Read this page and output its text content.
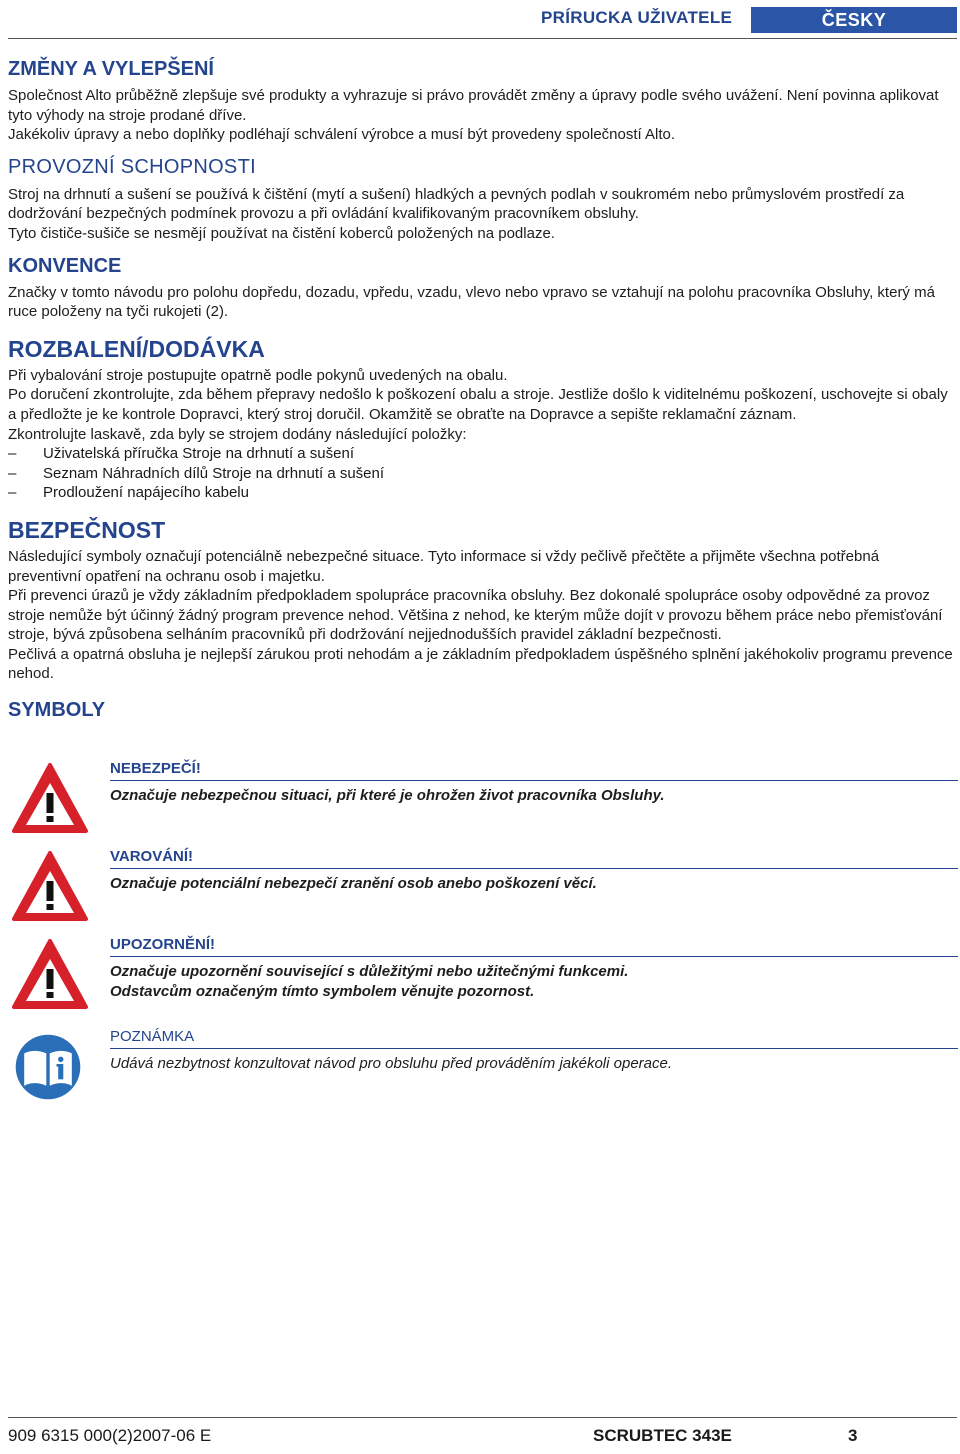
PRÍRUCKA UŽIVATELE	ČESKY
ZMĚNY A VYLEPŠENÍ

Společnost Alto průběžně zlepšuje své produkty a vyhrazuje si právo provádět změny a úpravy podle svého uvážení. Není povinna aplikovat tyto výhody na stroje prodané dříve.

Jakékoliv úpravy a nebo doplňky podléhají schválení výrobce a musí být provedeny společností Alto.

PROVOZNÍ SCHOPNOSTI

Stroj na drhnutí a sušení se používá k čištění (mytí a sušení) hladkých a pevných podlah v soukromém nebo průmyslovém prostředí za dodržování bezpečných podmínek provozu a při ovládání kvalifikovaným pracovníkem obsluhy.

Tyto čističe-sušiče se nesmějí používat na čistění koberců položených na podlaze.

KONVENCE

Značky v tomto návodu pro polohu dopředu, dozadu, vpředu, vzadu, vlevo nebo vpravo se vztahují na polohu pracovníka Obsluhy, který má ruce položeny na tyči rukojeti (2).

ROZBALENÍ/DODÁVKA

Při vybalování stroje postupujte opatrně podle pokynů uvedených na obalu.

Po doručení zkontrolujte, zda během přepravy nedošlo k poškození obalu a stroje. Jestliže došlo k viditelnému poškození, uschovejte si obaly a předložte je ke kontrole Dopravci, který stroj doručil. Okamžitě se obraťte na Dopravce a sepište reklamační záznam.

Zkontrolujte laskavě, zda byly se strojem dodány následující položky:

– Uživatelská příručka Stroje na drhnutí a sušení
– Seznam Náhradních dílů Stroje na drhnutí a sušení
– Prodloužení napájecího kabelu
BEZPEČNOST

Následující symboly označují potenciálně nebezpečné situace. Tyto informace si vždy pečlivě přečtěte a přijměte všechna potřebná preventivní opatření na ochranu osob i majetku.

Při prevenci úrazů je vždy základním předpokladem spolupráce pracovníka obsluhy. Bez dokonalé spolupráce osoby odpovědné za provoz stroje nemůže být účinný žádný program prevence nehod. Většina z nehod, ke kterým může dojít v provozu během práce nebo přemisťování stroje, bývá způsobena selháním pracovníků při dodržování nejjednodušších pravidel základní bezpečnosti.

Pečlivá a opatrná obsluha je nejlepší zárukou proti nehodám a je základním předpokladem úspěšného splnění jakéhokoliv programu prevence nehod.

SYMBOLY
NEBEZPEČÍ!
Označuje nebezpečnou situaci, při které je ohrožen život pracovníka Obsluhy.
VAROVÁNÍ!
Označuje potenciální nebezpečí zranění osob anebo poškození věcí.
UPOZORNĚNÍ!
Označuje upozornění související s důležitými nebo užitečnými funkcemi.
Odstavcům označeným tímto symbolem věnujte pozornost.
POZNÁMKA
Udává nezbytnost konzultovat návod pro obsluhu před prováděním jakékoli operace.
909 6315 000(2)2007-06 E	SCRUBTEC 343E	3
